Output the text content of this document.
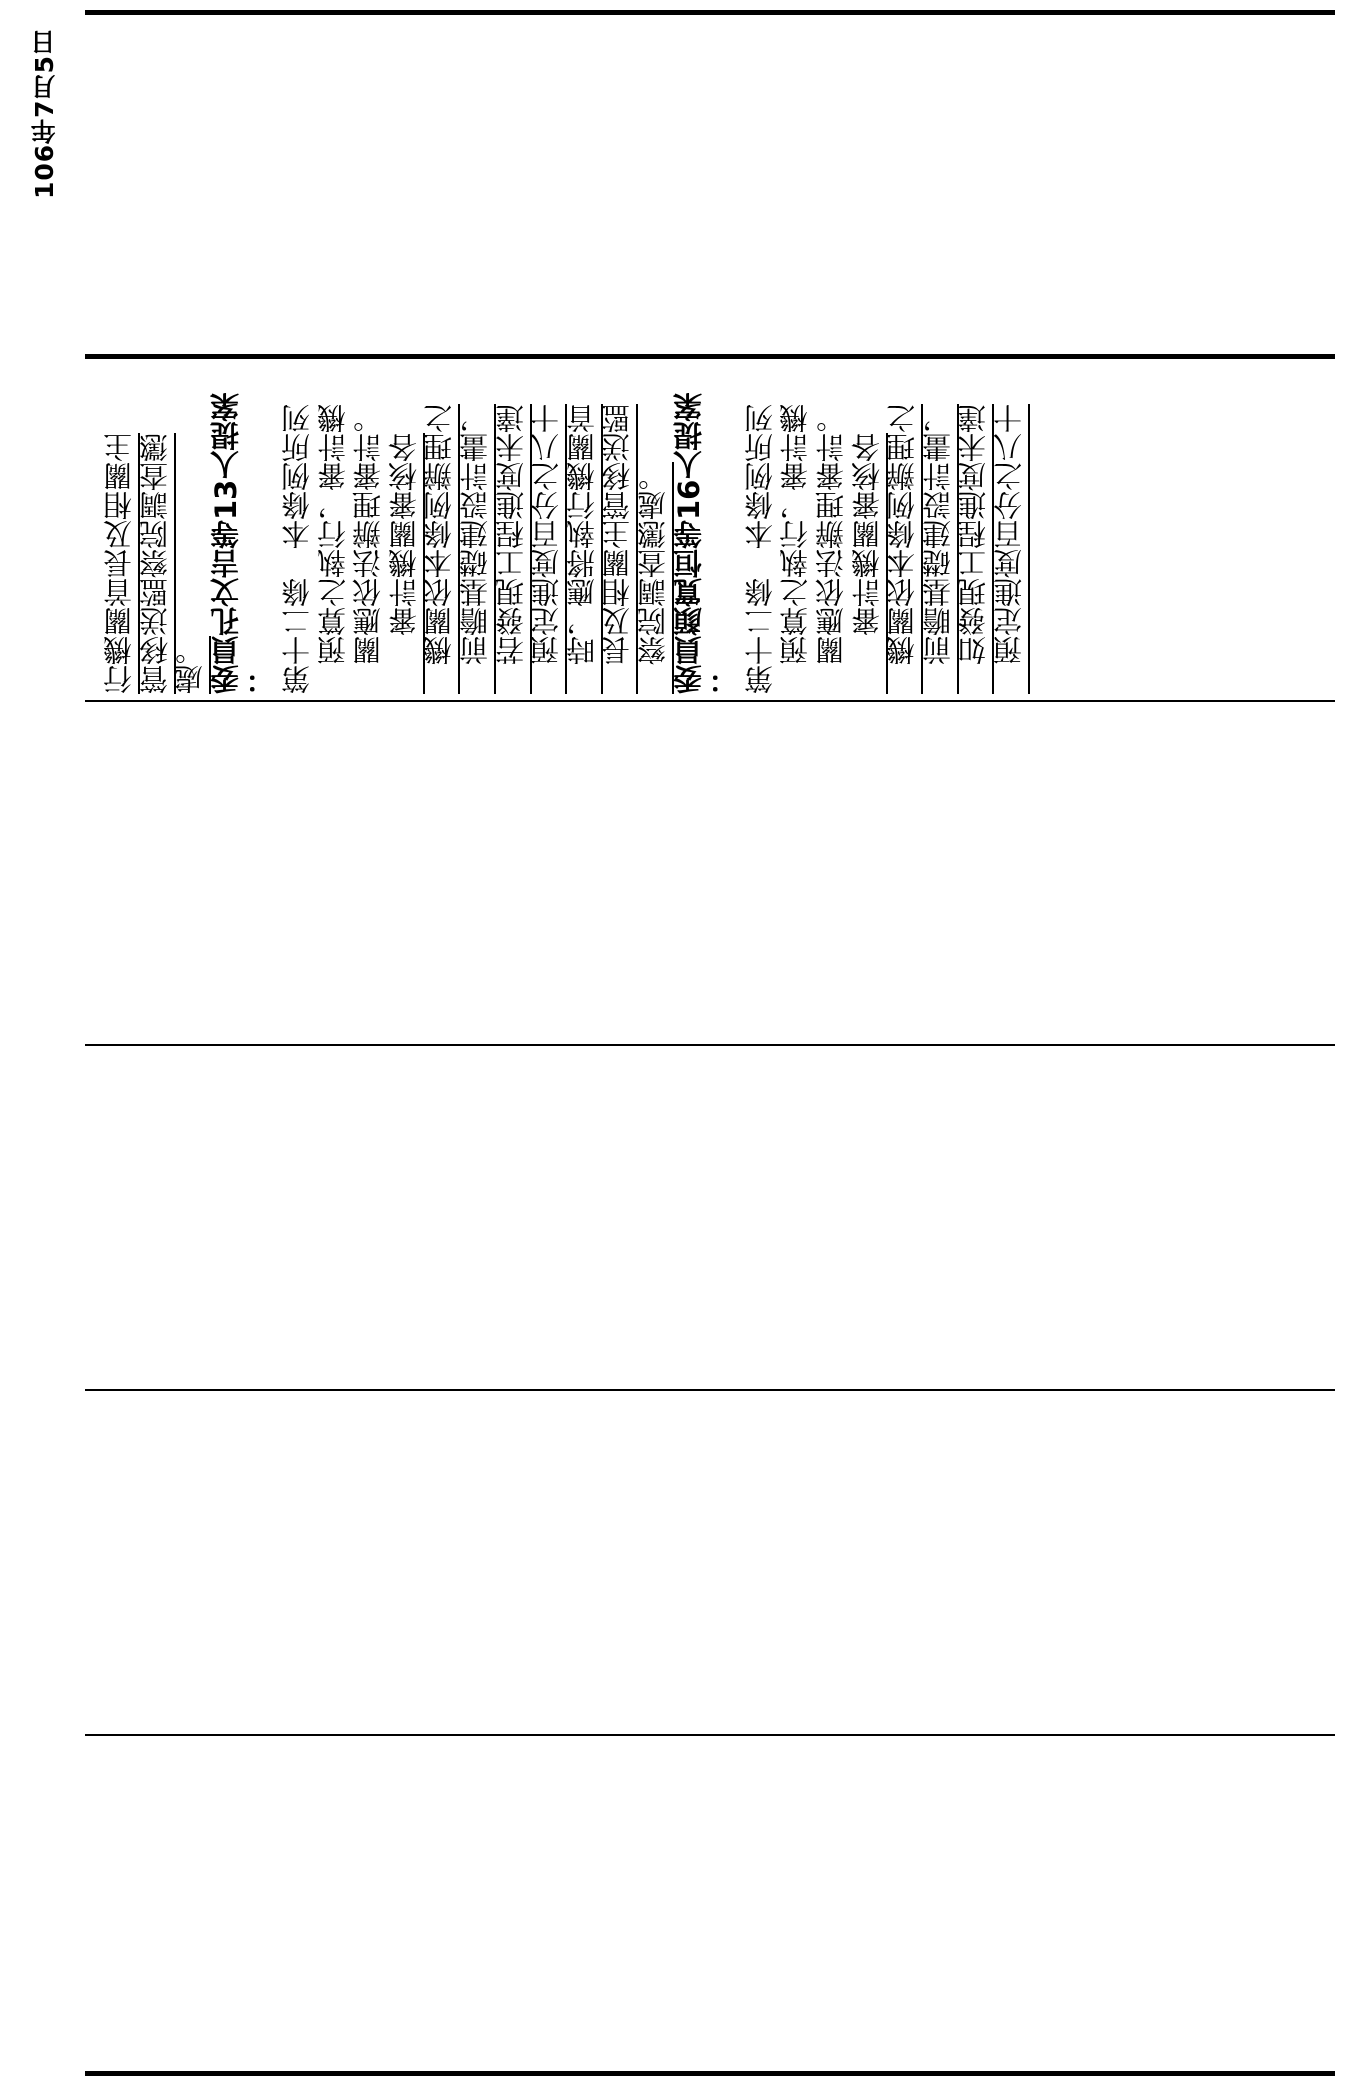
106年7月5日
行機關首長及相關主 管移送監察院調查懲 處。 委員孔文吉等13人提案 ： 第十二條　本條例所列 　預算之執行，審計機 　關應依法辦理審計。 　　審計機關審核各 　機關依本條例辦理之 　前瞻基礎建設計畫， 　若發現工程進度未達 　預定進度百分之八十 　時，應將執行機關首 　長及相關主管移送監 　察院調查懲處。 委員顏寬恒等16人提案 ： 第十二條　本條例所列 　預算之執行，審計機 　關應依法辦理審計。 　　審計機關審核各 　機關依本條例辦理之 　前瞻基礎建設計畫， 　如發現工程進度未達 　預定進度百分之八十
